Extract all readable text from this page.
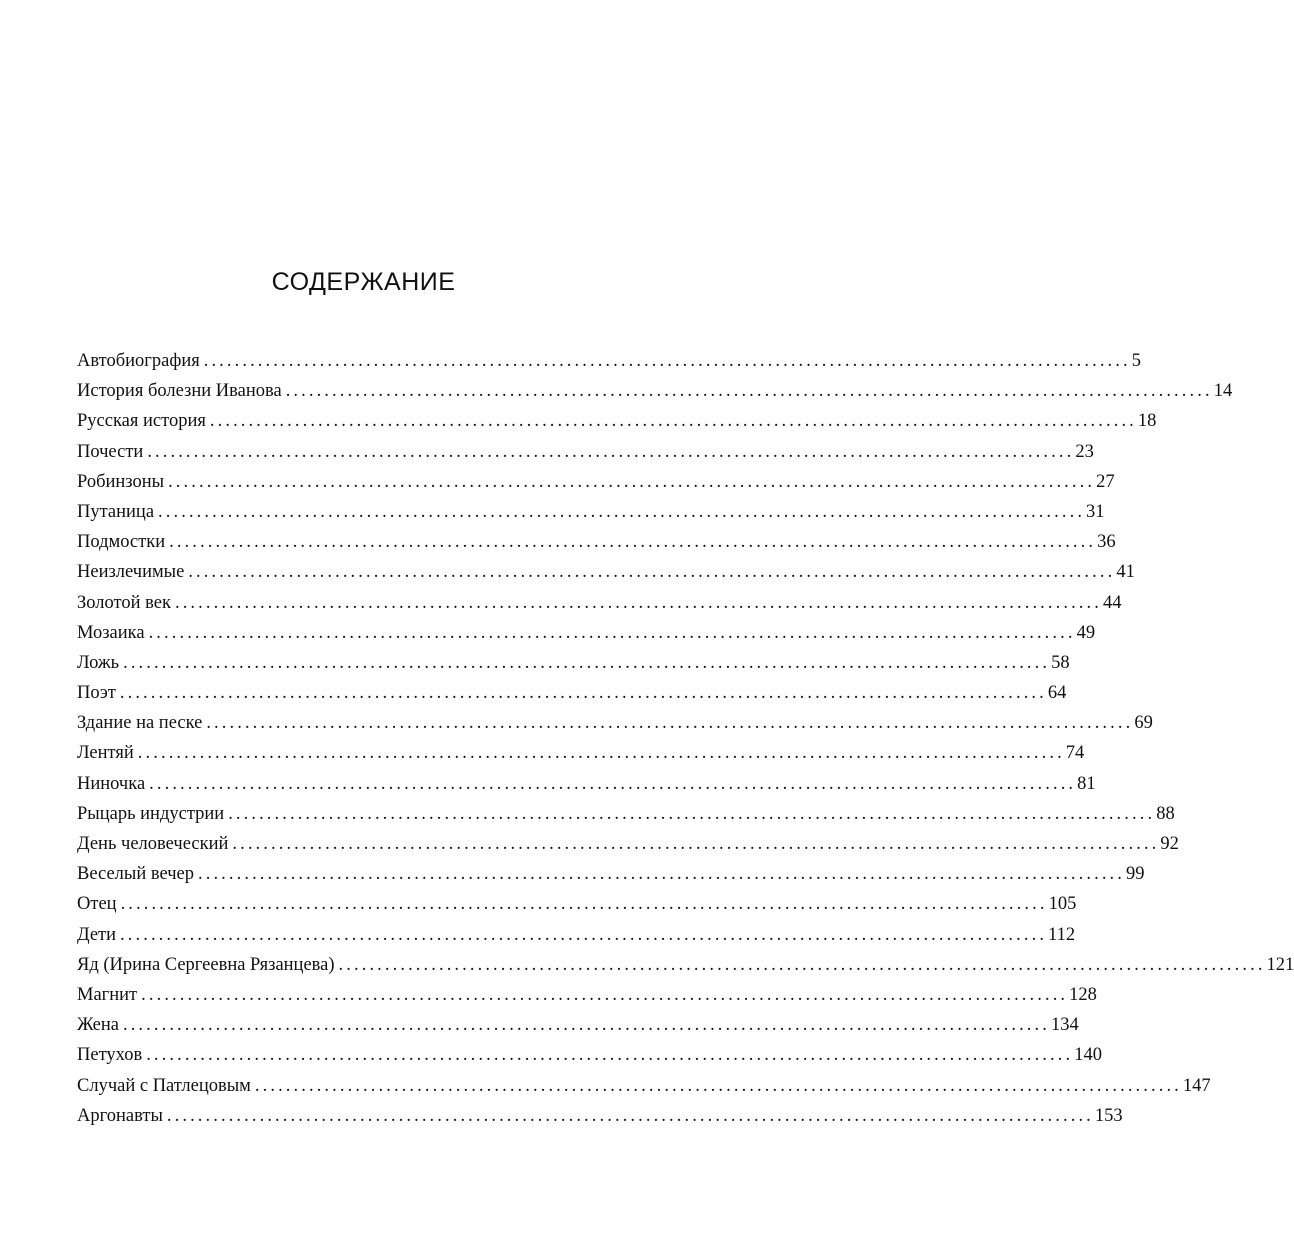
СОДЕРЖАНИЕ
Автобиография ........................................................................................................................ 5
История болезни Иванова ........................................................................................................................ 14
Русская история ........................................................................................................................ 18
Почести ........................................................................................................................ 23
Робинзоны ........................................................................................................................ 27
Путаница ........................................................................................................................ 31
Подмостки ........................................................................................................................ 36
Неизлечимые ........................................................................................................................ 41
Золотой век ........................................................................................................................ 44
Мозаика ........................................................................................................................ 49
Ложь ........................................................................................................................ 58
Поэт ........................................................................................................................ 64
Здание на песке ........................................................................................................................ 69
Лентяй ........................................................................................................................ 74
Ниночка ........................................................................................................................ 81
Рыцарь индустрии ........................................................................................................................ 88
День человеческий ........................................................................................................................ 92
Веселый вечер ........................................................................................................................ 99
Отец ........................................................................................................................ 105
Дети ........................................................................................................................ 112
Яд (Ирина Сергеевна Рязанцева) ........................................................................................................................ 121
Магнит ........................................................................................................................ 128
Жена ........................................................................................................................ 134
Петухов ........................................................................................................................ 140
Случай с Патлецовым ........................................................................................................................ 147
Аргонавты ........................................................................................................................ 153
